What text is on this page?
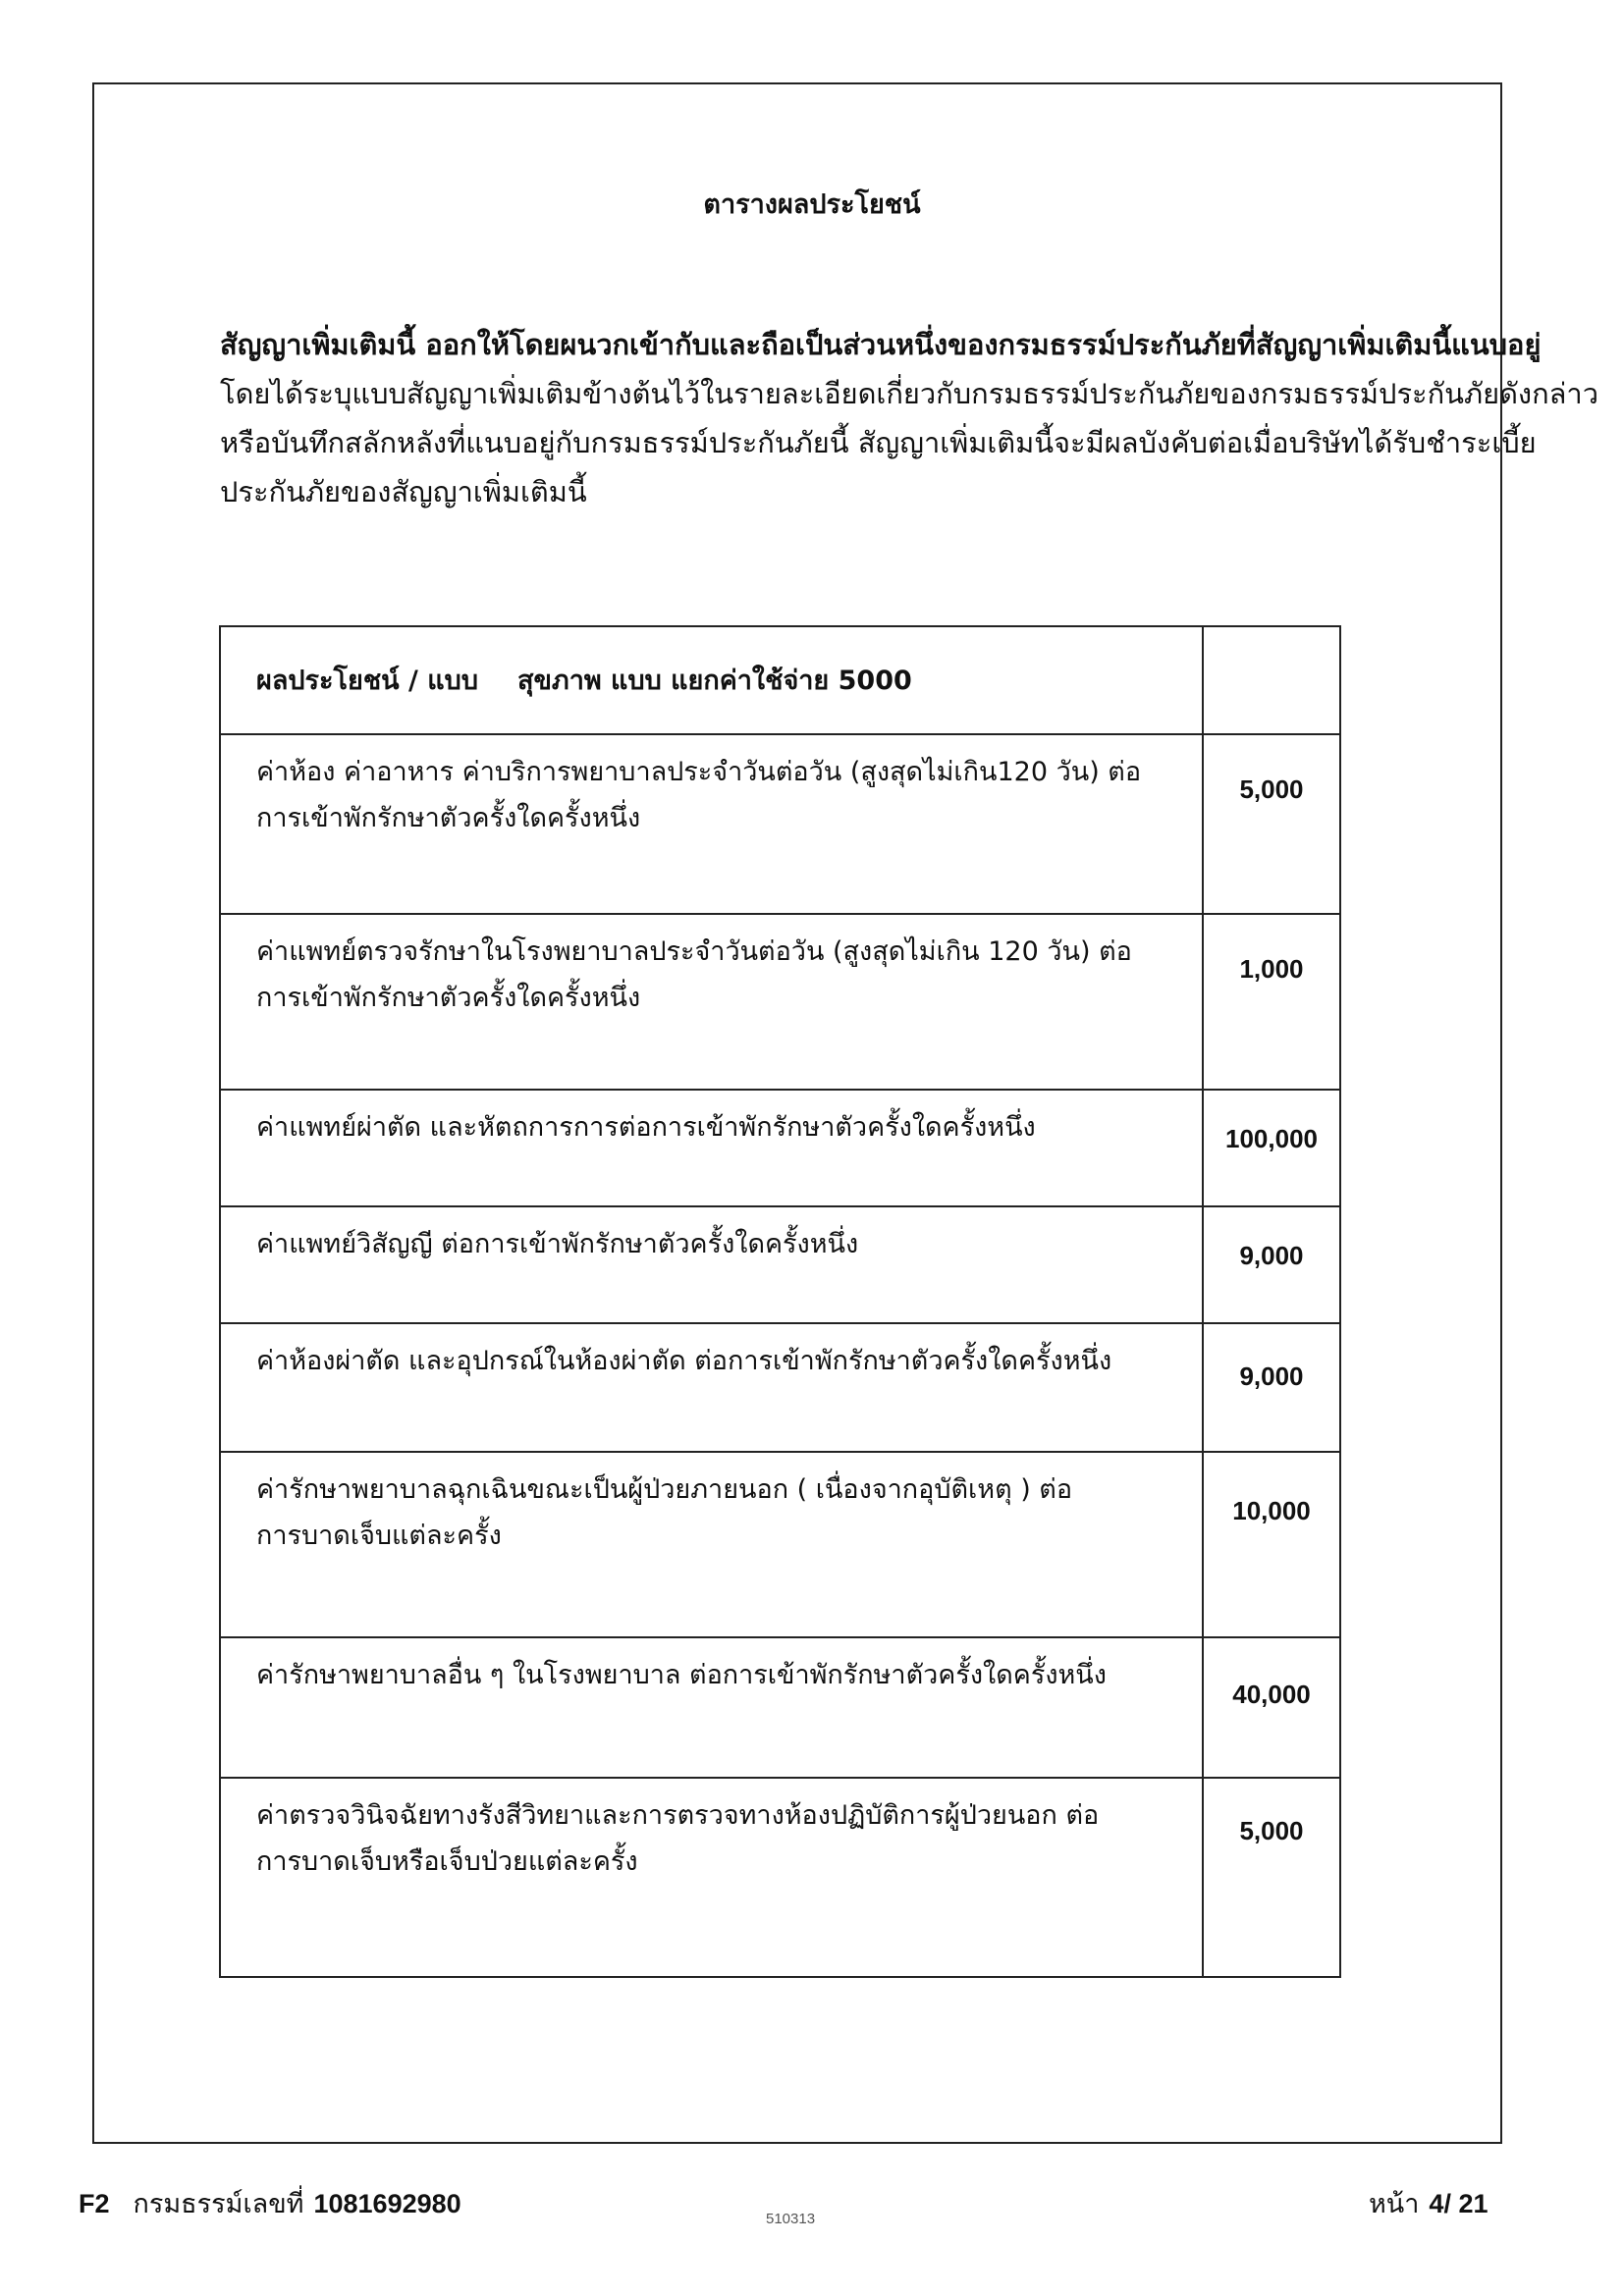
ตารางผลประโยชน์
สัญญาเพิ่มเติมนี้ ออกให้โดยผนวกเข้ากับและถือเป็นส่วนหนึ่งของกรมธรรม์ประกันภัยที่สัญญาเพิ่มเติมนี้แนบอยู่
โดยได้ระบุแบบสัญญาเพิ่มเติมข้างต้นไว้ในรายละเอียดเกี่ยวกับกรมธรรม์ประกันภัยของกรมธรรม์ประกันภัยดังกล่าว
หรือบันทึกสลักหลังที่แนบอยู่กับกรมธรรม์ประกันภัยนี้ สัญญาเพิ่มเติมนี้จะมีผลบังคับต่อเมื่อบริษัทได้รับชำระเบี้ย
ประกันภัยของสัญญาเพิ่มเติมนี้
ผลประโยชน์ / แบบ สุขภาพ แบบ แยกค่าใช้จ่าย 5000	
ค่าห้อง ค่าอาหาร ค่าบริการพยาบาลประจำวันต่อวัน (สูงสุดไม่เกิน120 วัน) ต่อ
การเข้าพักรักษาตัวครั้งใดครั้งหนึ่ง	5,000
ค่าแพทย์ตรวจรักษาในโรงพยาบาลประจำวันต่อวัน (สูงสุดไม่เกิน 120 วัน) ต่อ
การเข้าพักรักษาตัวครั้งใดครั้งหนึ่ง	1,000
ค่าแพทย์ผ่าตัด และหัตถการการต่อการเข้าพักรักษาตัวครั้งใดครั้งหนึ่ง	100,000
ค่าแพทย์วิสัญญี ต่อการเข้าพักรักษาตัวครั้งใดครั้งหนึ่ง	9,000
ค่าห้องผ่าตัด และอุปกรณ์ในห้องผ่าตัด ต่อการเข้าพักรักษาตัวครั้งใดครั้งหนึ่ง	9,000
ค่ารักษาพยาบาลฉุกเฉินขณะเป็นผู้ป่วยภายนอก ( เนื่องจากอุบัติเหตุ ) ต่อ
การบาดเจ็บแต่ละครั้ง	10,000
ค่ารักษาพยาบาลอื่น ๆ ในโรงพยาบาล ต่อการเข้าพักรักษาตัวครั้งใดครั้งหนึ่ง	40,000
ค่าตรวจวินิจฉัยทางรังสีวิทยาและการตรวจทางห้องปฏิบัติการผู้ป่วยนอก ต่อ
การบาดเจ็บหรือเจ็บป่วยแต่ละครั้ง	5,000
F2 กรมธรรม์เลขที่ 1081692980
510313	หน้า 4/ 21
